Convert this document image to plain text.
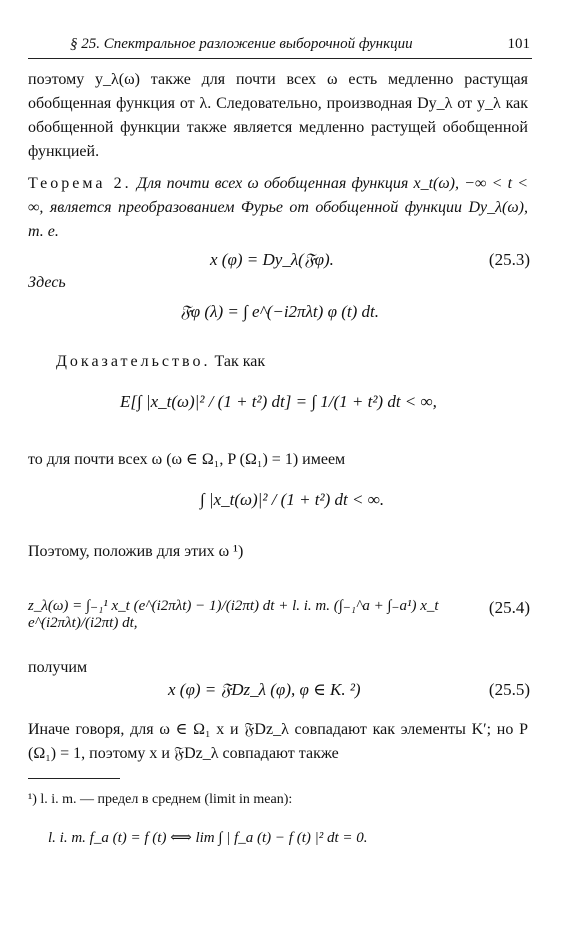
§ 25. Спектральное разложение выборочной функции	101
поэтому y_λ(ω) также для почти всех ω есть медленно растущая обобщенная функция от λ. Следовательно, производная Dy_λ от y_λ как обобщенной функции также является медленно растущей обобщенной функцией.
Теорема 2. Для почти всех ω обобщенная функция x_t(ω), −∞ < t < ∞, является преобразованием Фурье от обобщенной функции Dy_λ(ω), т. е.
x (φ) = Dy_λ(𝔉φ).	(25.3)
Здесь
𝔉φ (λ) = ∫ e^(−i2πλt) φ (t) dt.
Доказательство. Так как
E[∫ |x_t(ω)|² / (1 + t²) dt] = ∫ 1/(1 + t²) dt < ∞,
то для почти всех ω (ω ∈ Ω₁, P (Ω₁) = 1) имеем
∫ |x_t(ω)|² / (1 + t²) dt < ∞.
Поэтому, положив для этих ω ¹)
z_λ(ω) = ∫₋₁¹ x_t (e^(i2πλt) − 1)/(i2πt) dt + l. i. m. (∫₋₁^a + ∫₋a¹) x_t e^(i2πλt)/(i2πt) dt,
(25.4)
получим
x (φ) = 𝔉Dz_λ (φ), φ ∈ K. ²)	(25.5)
Иначе говоря, для ω ∈ Ω₁ x и 𝔉Dz_λ совпадают как элементы K′; но P (Ω₁) = 1, поэтому x и 𝔉Dz_λ совпадают также
¹) l. i. m. — предел в среднем (limit in mean):
l. i. m. f_a (t) = f (t) ⟺ lim ∫ | f_a (t) − f (t) |² dt = 0.
